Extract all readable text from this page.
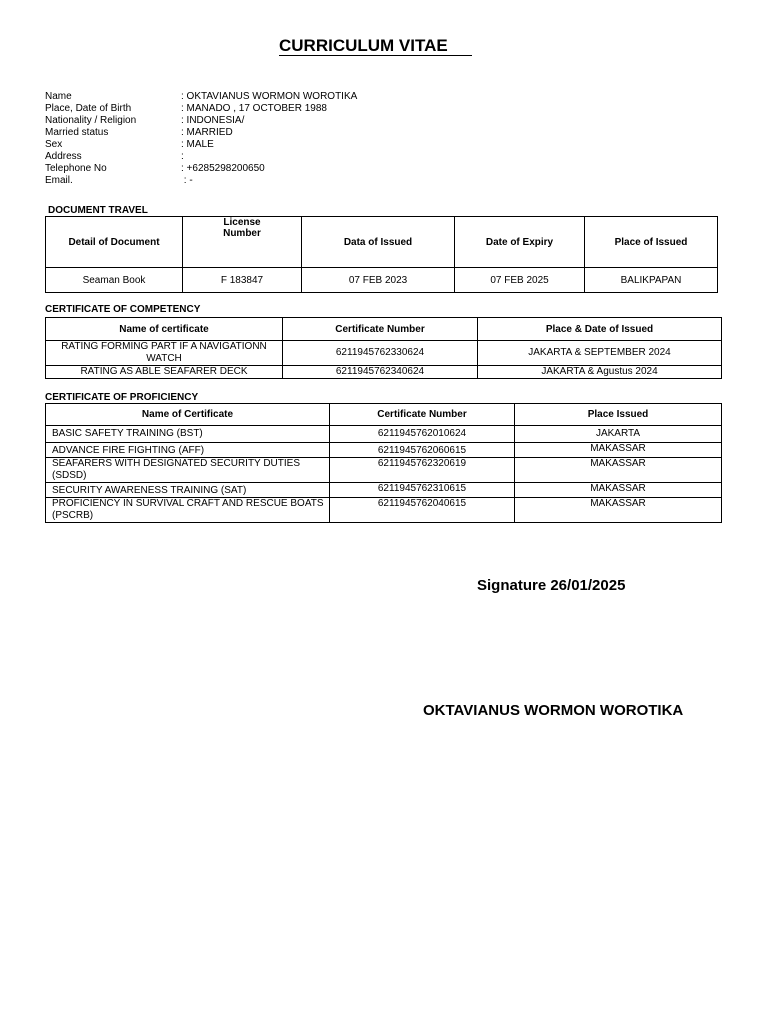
CURRICULUM VITAE
Name	: OKTAVIANUS WORMON WOROTIKA
Place, Date of Birth	: MANADO , 17 OCTOBER 1988
Nationality / Religion	: INDONESIA/
Married status	: MARRIED
Sex	: MALE
Address	:
Telephone No	: +6285298200650
Email.	: -
DOCUMENT TRAVEL
Detail of Document	License Number	Data of Issued	Date of Expiry	Place of Issued
Seaman Book	F 183847	07 FEB 2023	07 FEB 2025	BALIKPAPAN
CERTIFICATE OF COMPETENCY
Name of certificate	Certificate Number	Place & Date of Issued
RATING FORMING PART IF A NAVIGATIONN WATCH	6211945762330624	JAKARTA & SEPTEMBER 2024
RATING AS ABLE SEAFARER DECK	6211945762340624	JAKARTA & Agustus 2024
CERTIFICATE OF PROFICIENCY
Name of Certificate	Certificate Number	Place Issued
BASIC SAFETY TRAINING (BST)	6211945762010624	JAKARTA
ADVANCE FIRE FIGHTING (AFF)	6211945762060615	MAKASSAR
SEAFARERS WITH DESIGNATED SECURITY DUTIES (SDSD)	6211945762320619	MAKASSAR
SECURITY AWARENESS TRAINING (SAT)	6211945762310615	MAKASSAR
PROFICIENCY IN SURVIVAL CRAFT AND RESCUE BOATS (PSCRB)	6211945762040615	MAKASSAR
Signature 26/01/2025
OKTAVIANUS WORMON WOROTIKA
